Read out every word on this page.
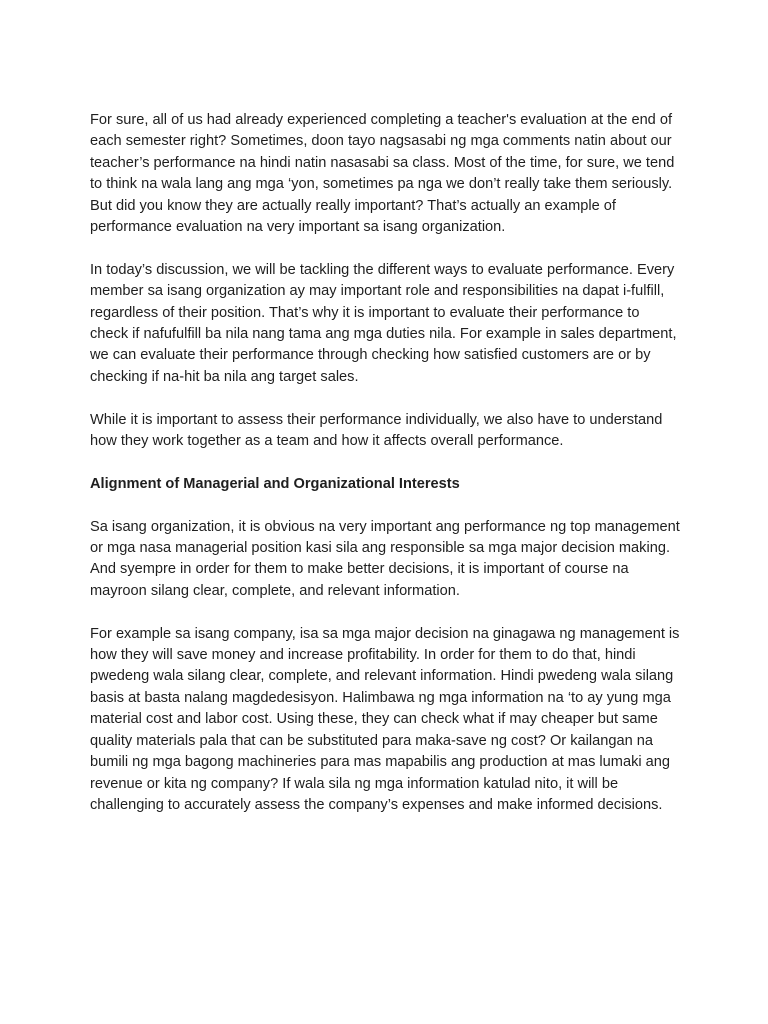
For sure, all of us had already experienced completing a teacher's evaluation at the end of each semester right? Sometimes, doon tayo nagsasabi ng mga comments natin about our teacher’s performance na hindi natin nasasabi sa class. Most of the time, for sure, we tend to think na wala lang ang mga ‘yon, sometimes pa nga we don’t really take them seriously. But did you know they are actually really important? That’s actually an example of performance evaluation na very important sa isang organization.

In today’s discussion, we will be tackling the different ways to evaluate performance. Every member sa isang organization ay may important role and responsibilities na dapat i-fulfill, regardless of their position. That’s why it is important to evaluate their performance to check if nafufulfill ba nila nang tama ang mga duties nila. For example in sales department, we can evaluate their performance through checking how satisfied customers are or by checking if na-hit ba nila ang target sales.

While it is important to assess their performance individually, we also have to understand how they work together as a team and how it affects overall performance.

Alignment of Managerial and Organizational Interests

Sa isang organization, it is obvious na very important ang performance ng top management or mga nasa managerial position kasi sila ang responsible sa mga major decision making. And syempre in order for them to make better decisions, it is important of course na mayroon silang clear, complete, and relevant information.

For example sa isang company, isa sa mga major decision na ginagawa ng management is how they will save money and increase profitability. In order for them to do that, hindi pwedeng wala silang clear, complete, and relevant information. Hindi pwedeng wala silang basis at basta nalang magdedesisyon. Halimbawa ng mga information na ‘to ay yung mga material cost and labor cost. Using these, they can check what if may cheaper but same quality materials pala that can be substituted para maka-save ng cost? Or kailangan na bumili ng mga bagong machineries para mas mapabilis ang production at mas lumaki ang revenue or kita ng company? If wala sila ng mga information katulad nito, it will be challenging to accurately assess the company’s expenses and make informed decisions.
